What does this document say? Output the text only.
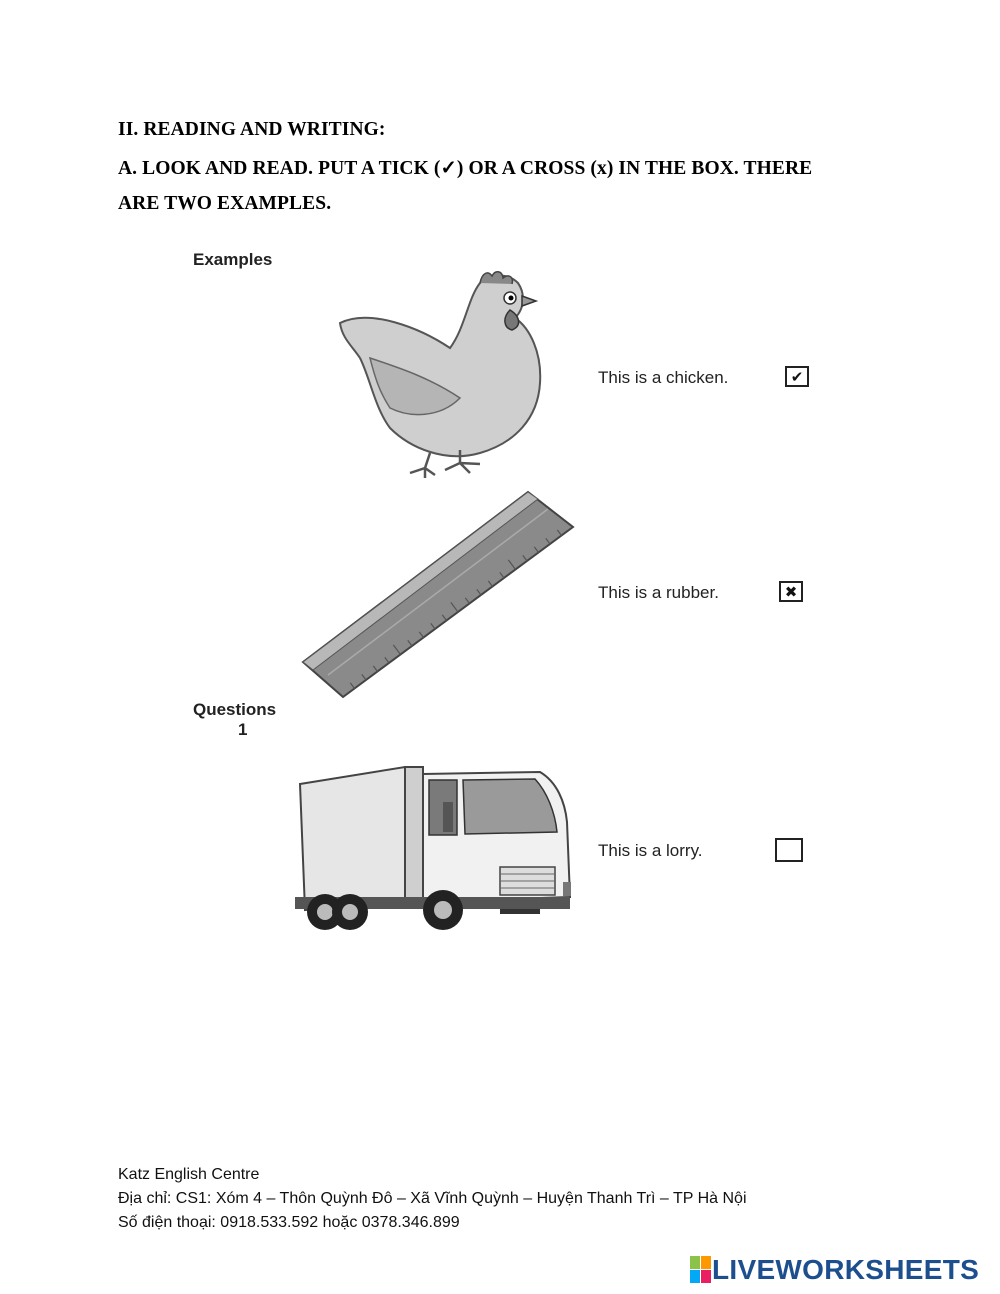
II. READING AND WRITING:
A. LOOK AND READ. PUT A TICK (✓) OR A CROSS (x) IN THE BOX. THERE
ARE TWO EXAMPLES.
Examples
This is a chicken.	✔
This is a rubber.	✖
Questions
1
This is a lorry.
Katz English Centre
Địa chỉ: CS1: Xóm 4 – Thôn Quỳnh Đô – Xã Vĩnh Quỳnh – Huyện Thanh Trì – TP Hà Nội
Số điện thoại: 0918.533.592 hoặc 0378.346.899
LIVEWORKSHEETS
